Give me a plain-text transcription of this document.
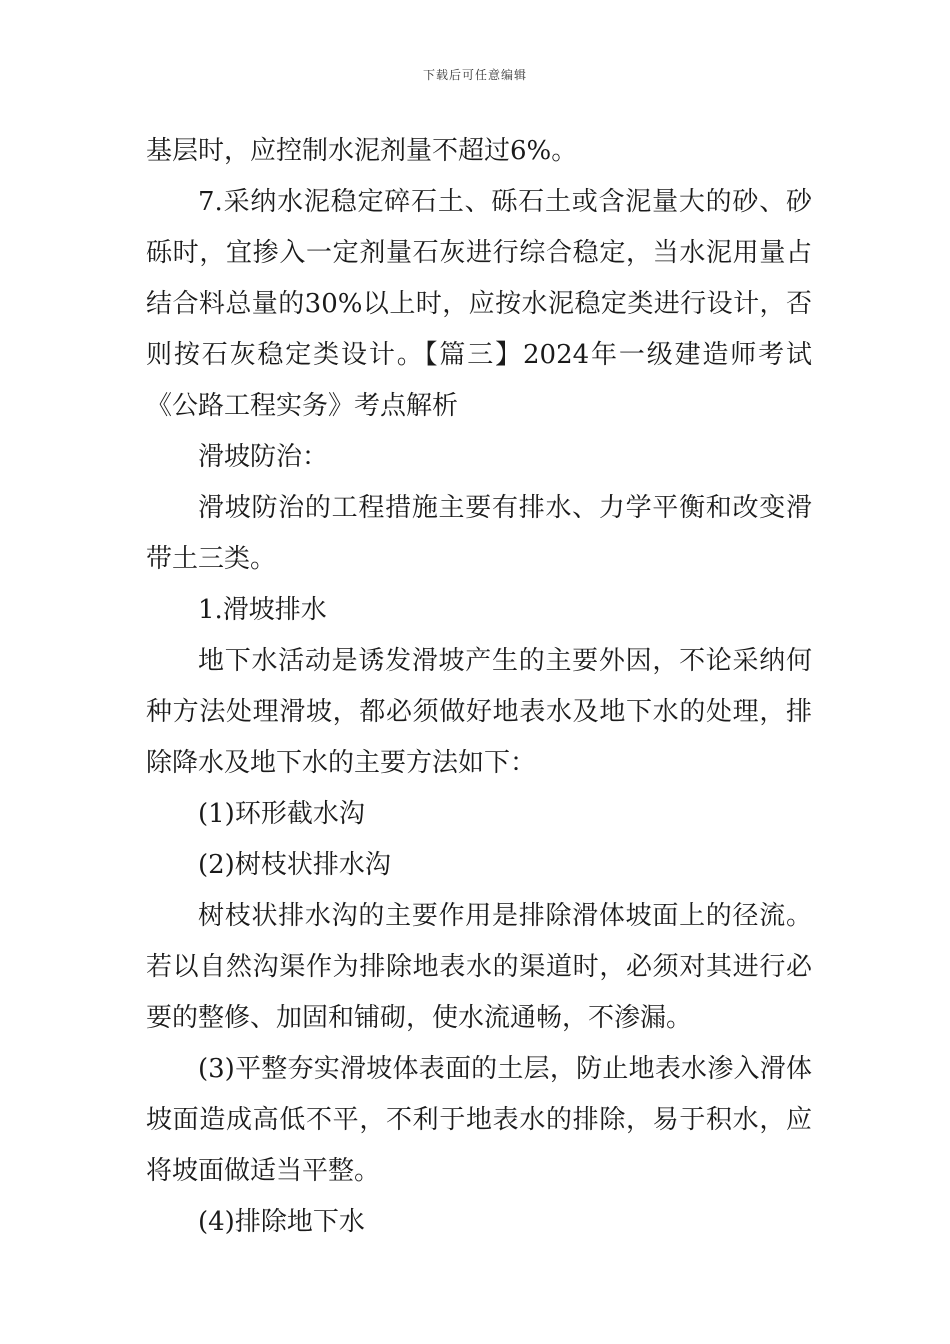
下载后可任意编辑

基层时，应控制水泥剂量不超过6%。

7.采纳水泥稳定碎石土、砾石土或含泥量大的砂、砂砾时，宜掺入一定剂量石灰进行综合稳定，当水泥用量占结合料总量的30%以上时，应按水泥稳定类进行设计，否则按石灰稳定类设计。【篇三】2024年一级建造师考试《公路工程实务》考点解析

滑坡防治：

滑坡防治的工程措施主要有排水、力学平衡和改变滑带土三类。

1.滑坡排水

地下水活动是诱发滑坡产生的主要外因，不论采纳何种方法处理滑坡，都必须做好地表水及地下水的处理，排除降水及地下水的主要方法如下：

(1)环形截水沟

(2)树枝状排水沟

树枝状排水沟的主要作用是排除滑体坡面上的径流。若以自然沟渠作为排除地表水的渠道时，必须对其进行必要的整修、加固和铺砌，使水流通畅，不渗漏。

(3)平整夯实滑坡体表面的土层，防止地表水渗入滑体坡面造成高低不平，不利于地表水的排除，易于积水，应将坡面做适当平整。

(4)排除地下水
